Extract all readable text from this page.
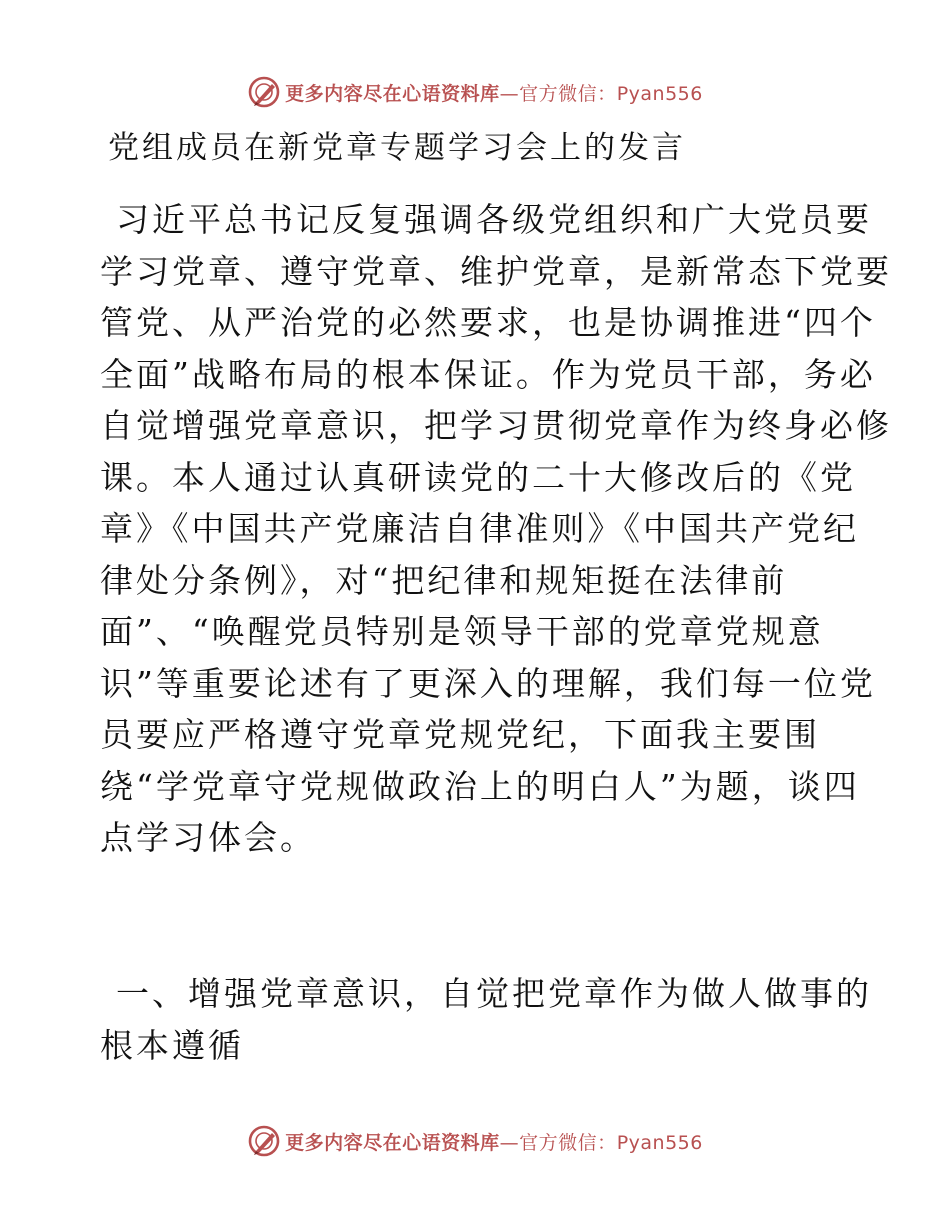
更多内容尽在心语资料库—官方微信：Pyan556
党组成员在新党章专题学习会上的发言
习近平总书记反复强调各级党组织和广大党员要
学习党章、遵守党章、维护党章，是新常态下党要
管党、从严治党的必然要求，也是协调推进“四个
全面”战略布局的根本保证。作为党员干部，务必
自觉增强党章意识，把学习贯彻党章作为终身必修
课。本人通过认真研读党的二十大修改后的《党
章》《中国共产党廉洁自律准则》《中国共产党纪
律处分条例》，对“把纪律和规矩挺在法律前
面”、“唤醒党员特别是领导干部的党章党规意
识”等重要论述有了更深入的理解，我们每一位党
员要应严格遵守党章党规党纪，下面我主要围
绕“学党章守党规做政治上的明白人”为题，谈四
点学习体会。
一、增强党章意识，自觉把党章作为做人做事的
根本遵循
更多内容尽在心语资料库—官方微信：Pyan556
